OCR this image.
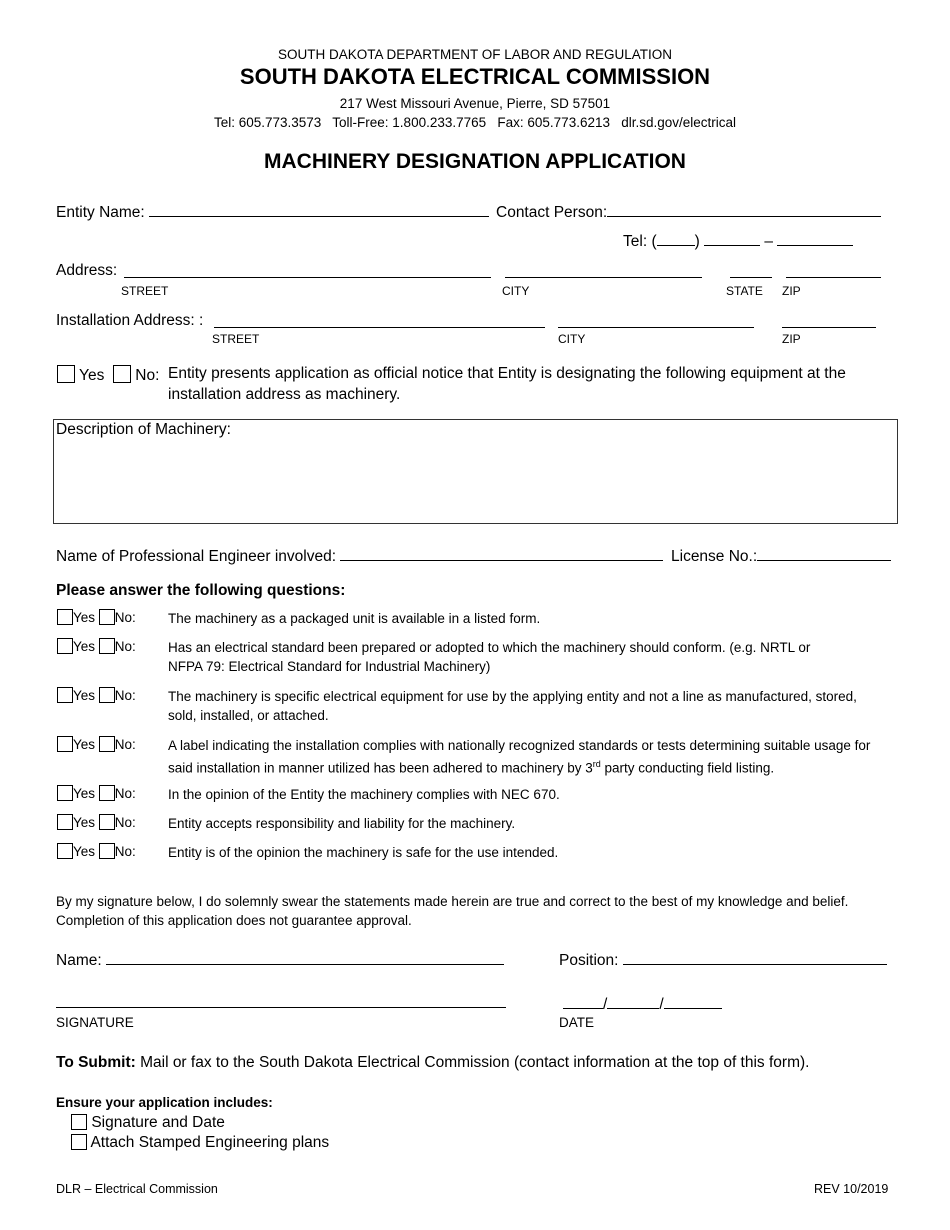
SOUTH DAKOTA DEPARTMENT OF LABOR AND REGULATION
SOUTH DAKOTA ELECTRICAL COMMISSION
217 West Missouri Avenue, Pierre, SD 57501
Tel: 605.773.3573   Toll-Free: 1.800.233.7765   Fax: 605.773.6213   dlr.sd.gov/electrical
MACHINERY DESIGNATION APPLICATION
Entity Name:	Contact Person:
Tel: ( )	–
Address:
STREET	CITY	STATE ZIP
Installation Address: :
STREET	CITY	ZIP
Yes No: Entity presents application as official notice that Entity is designating the following equipment at the installation address as machinery.
Description of Machinery:
Name of Professional Engineer involved:	License No.:
Please answer the following questions:
Yes No: The machinery as a packaged unit is available in a listed form.
Yes No: Has an electrical standard been prepared or adopted to which the machinery should conform. (e.g. NRTL or NFPA 79: Electrical Standard for Industrial Machinery)
Yes No: The machinery is specific electrical equipment for use by the applying entity and not a line as manufactured, stored, sold, installed, or attached.
Yes No: A label indicating the installation complies with nationally recognized standards or tests determining suitable usage for said installation in manner utilized has been adhered to machinery by 3rd party conducting field listing.
Yes No: In the opinion of the Entity the machinery complies with NEC 670.
Yes No: Entity accepts responsibility and liability for the machinery.
Yes No: Entity is of the opinion the machinery is safe for the use intended.
By my signature below, I do solemnly swear the statements made herein are true and correct to the best of my knowledge and belief. Completion of this application does not guarantee approval.
Name:	Position:
/	/
SIGNATURE	DATE
To Submit: Mail or fax to the South Dakota Electrical Commission (contact information at the top of this form).
Ensure your application includes:
Signature and Date
Attach Stamped Engineering plans
DLR – Electrical Commission	REV 10/2019
